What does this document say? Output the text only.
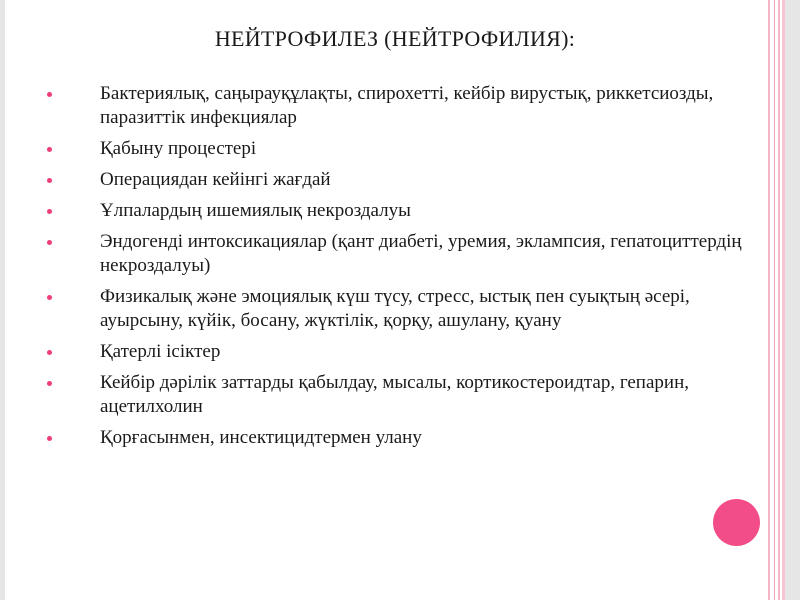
НЕЙТРОФИЛЕЗ (НЕЙТРОФИЛИЯ):
Бактериялық, саңырауқұлақты, спирохетті, кейбір вирустық, риккетсиозды, паразиттік инфекциялар
Қабыну процестері
Операциядан кейінгі жағдай
Ұлпалардың ишемиялық некроздалуы
Эндогенді интоксикациялар (қант диабеті, уремия, эклампсия, гепатоциттердің некроздалуы)
Физикалық және эмоциялық күш түсу, стресс, ыстық пен суықтың әсері, ауырсыну, күйік, босану, жүктілік, қорқу, ашулану, қуану
Қатерлі ісіктер
Кейбір дәрілік заттарды қабылдау, мысалы, кортикостероидтар, гепарин, ацетилхолин
Қорғасынмен, инсектицидтермен улану
